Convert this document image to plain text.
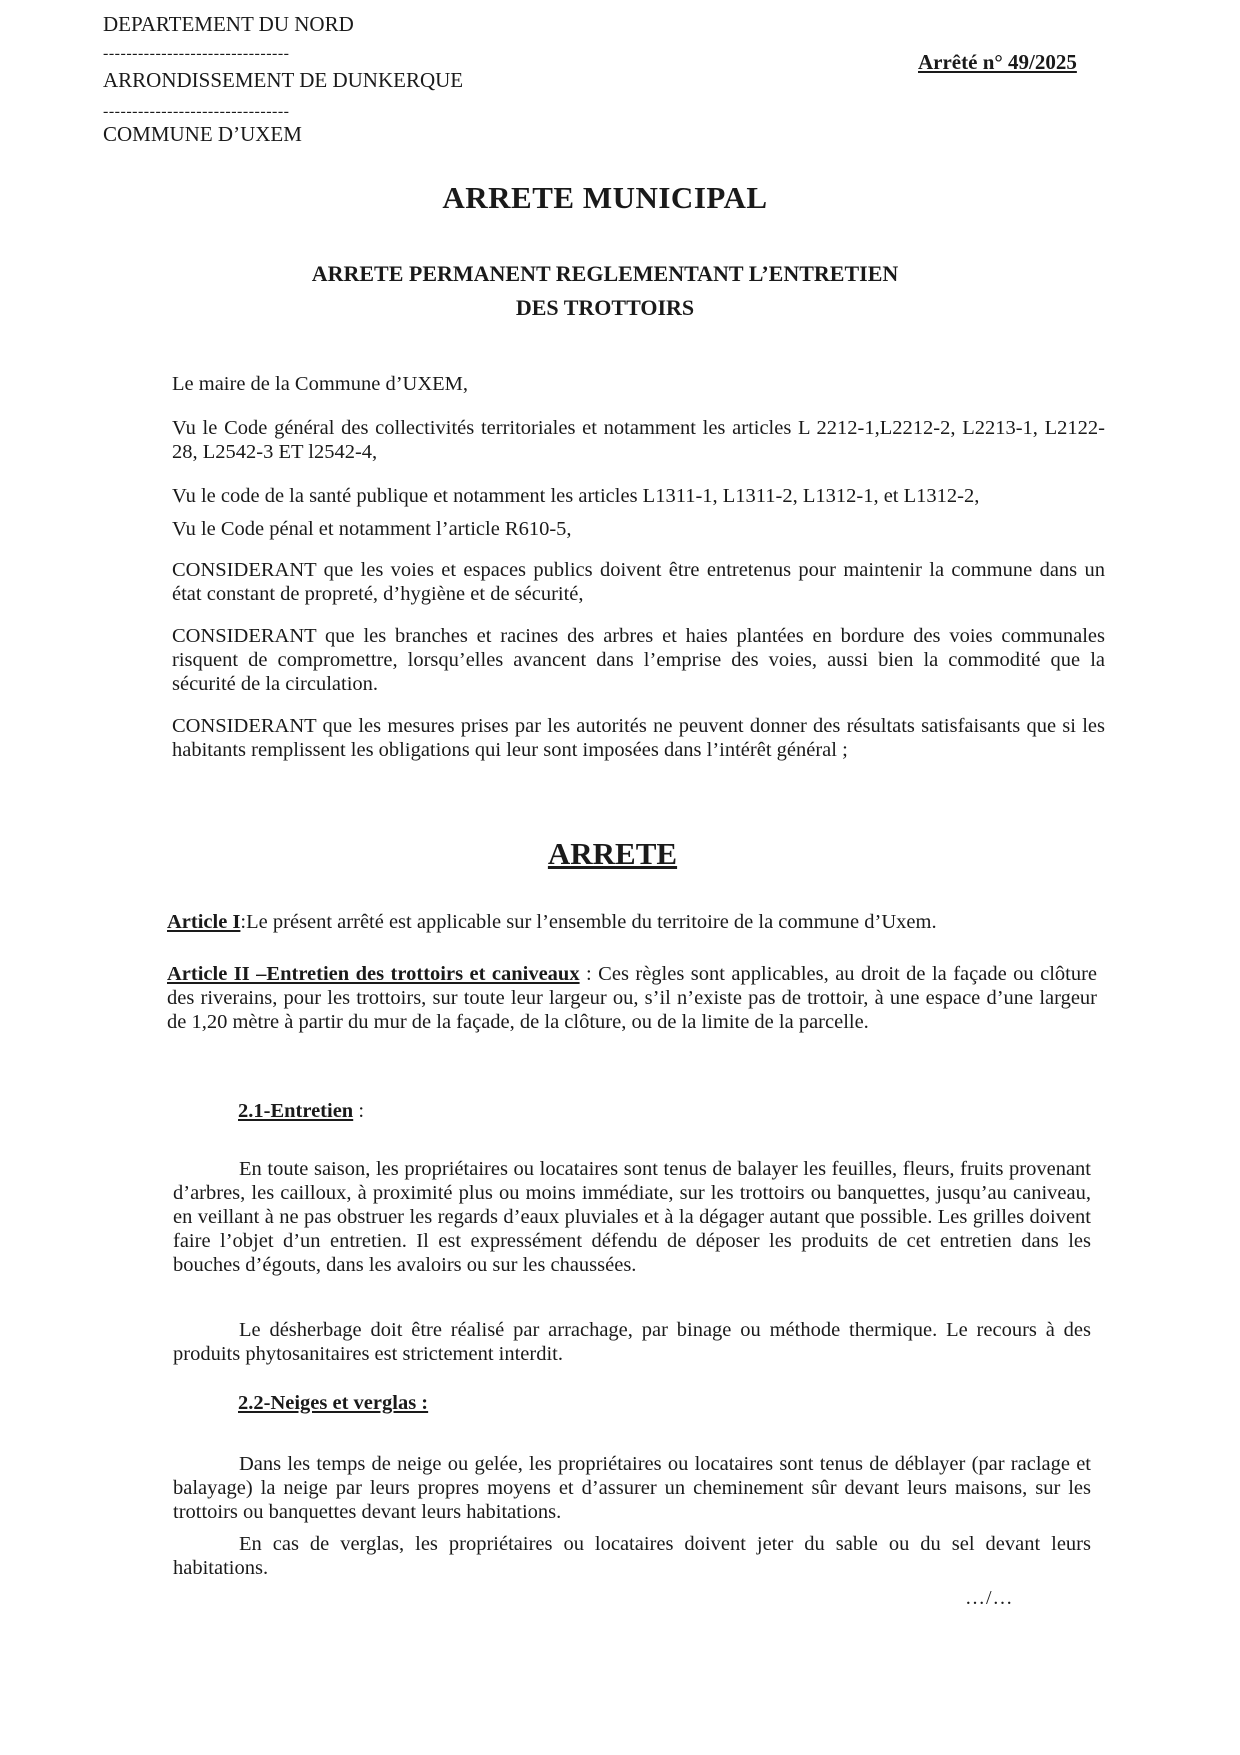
DEPARTEMENT DU NORD
--------------------------------
ARRONDISSEMENT DE DUNKERQUE
--------------------------------
COMMUNE D’UXEM
Arrêté n° 49/2025
ARRETE MUNICIPAL
ARRETE PERMANENT REGLEMENTANT L’ENTRETIEN
DES TROTTOIRS
Le maire de la Commune d’UXEM,
Vu le Code général des collectivités territoriales et notamment les articles L 2212-1,L2212-2, L2213-1, L2122-28, L2542-3 ET l2542-4,
Vu le code de la santé publique et notamment les articles L1311-1, L1311-2, L1312-1, et L1312-2,
Vu le Code pénal et notamment l’article R610-5,
CONSIDERANT que les voies et espaces publics doivent être entretenus pour maintenir la commune dans un état constant de propreté, d’hygiène et de sécurité,
CONSIDERANT que les branches et racines des arbres et haies plantées en bordure des voies communales risquent de compromettre, lorsqu’elles avancent dans l’emprise des voies, aussi bien la commodité que la sécurité de la circulation.
CONSIDERANT que les mesures prises par les autorités ne peuvent donner des résultats satisfaisants que si les habitants remplissent les obligations qui leur sont imposées dans l’intérêt général ;
ARRETE
Article I:Le présent arrêté est applicable sur l’ensemble du territoire de la commune d’Uxem.
Article II –Entretien des trottoirs et caniveaux : Ces règles sont applicables, au droit de la façade ou clôture des riverains, pour les trottoirs, sur toute leur largeur ou, s’il n’existe pas de trottoir, à une espace d’une largeur de 1,20 mètre à partir du mur de la façade, de la clôture, ou de la limite de la parcelle.
2.1-Entretien :
En toute saison, les propriétaires ou locataires sont tenus de balayer les feuilles, fleurs, fruits provenant d’arbres, les cailloux, à proximité plus ou moins immédiate, sur les trottoirs ou banquettes, jusqu’au caniveau, en veillant à ne pas obstruer les regards d’eaux pluviales et à la dégager autant que possible. Les grilles doivent faire l’objet d’un entretien. Il est expressément défendu de déposer les produits de cet entretien dans les bouches d’égouts, dans les avaloirs ou sur les chaussées.
Le désherbage doit être réalisé par arrachage, par binage ou méthode thermique. Le recours à des produits phytosanitaires est strictement interdit.
2.2-Neiges et verglas :
Dans les temps de neige ou gelée, les propriétaires ou locataires sont tenus de déblayer (par raclage et balayage) la neige par leurs propres moyens et d’assurer un cheminement sûr devant leurs maisons, sur les trottoirs ou banquettes devant leurs habitations.
En cas de verglas, les propriétaires ou locataires doivent jeter du sable ou du sel devant leurs habitations.
…/…
